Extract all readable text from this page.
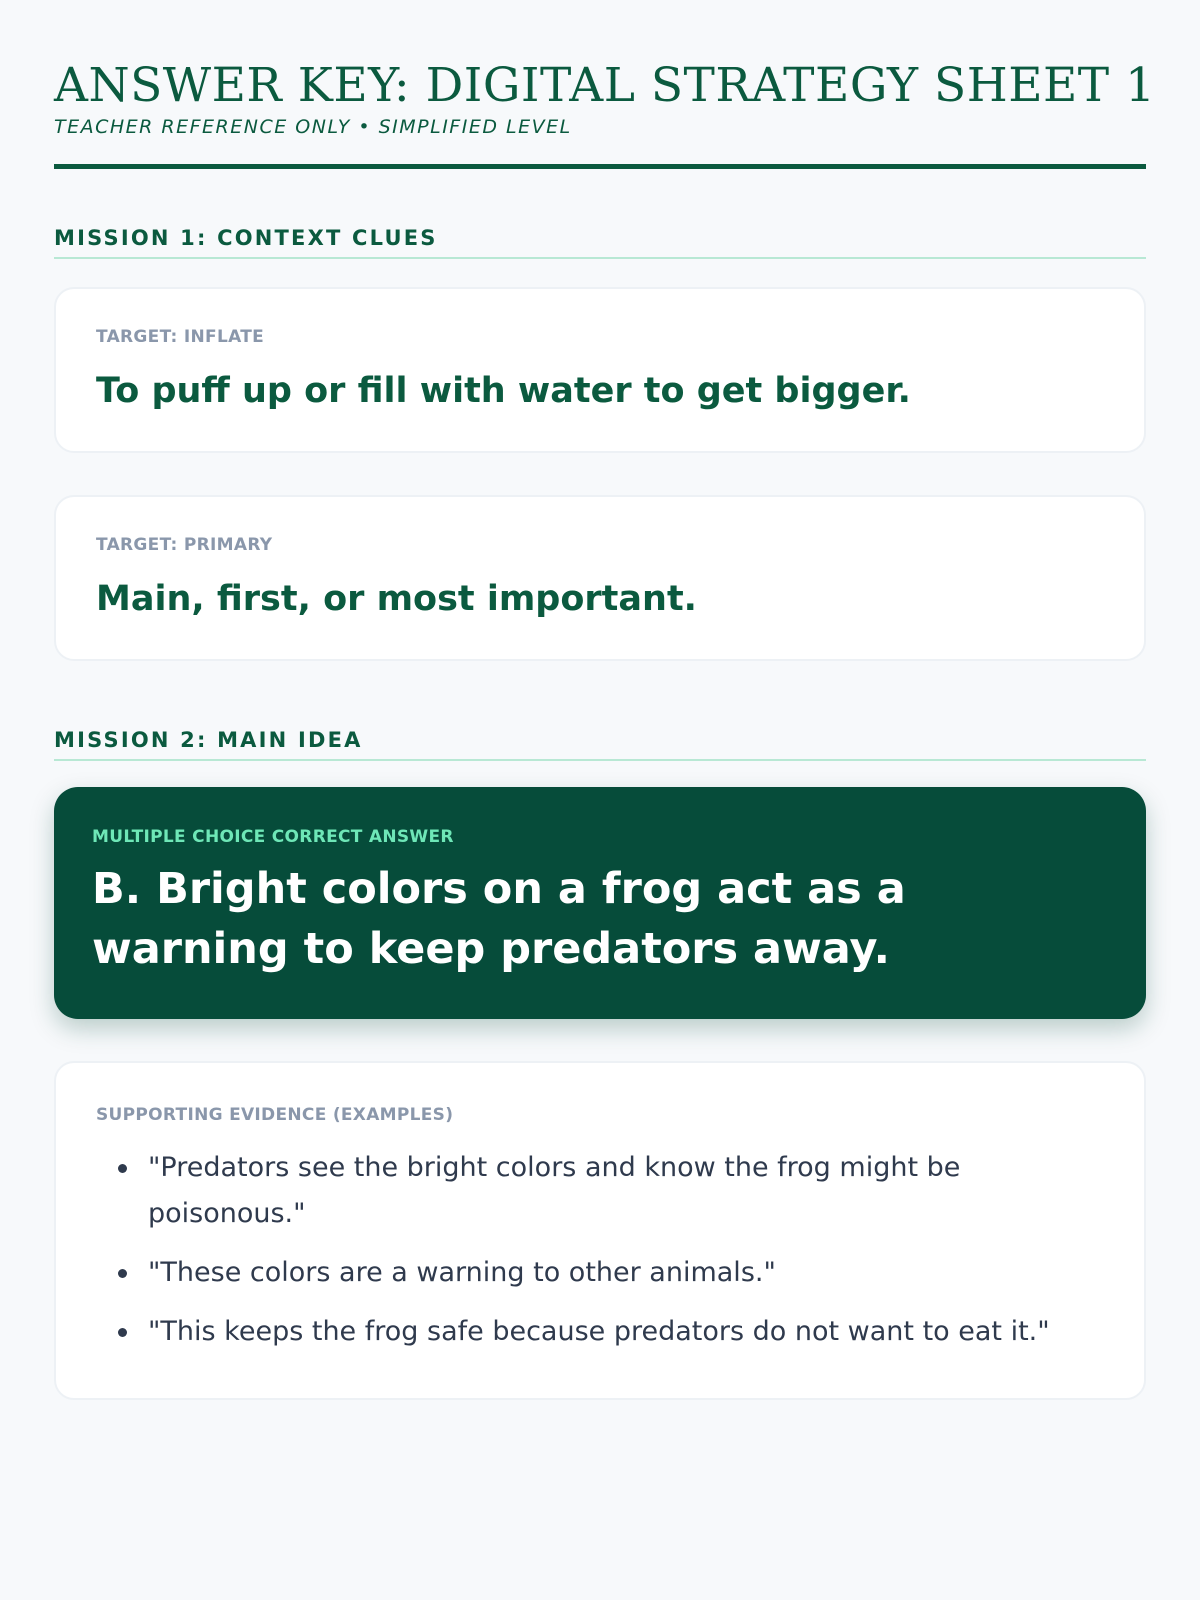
ANSWER KEY: DIGITAL STRATEGY SHEET 1
TEACHER REFERENCE ONLY • SIMPLIFIED LEVEL
MISSION 1: CONTEXT CLUES
TARGET: INFLATE
To puff up or fill with water to get bigger.
TARGET: PRIMARY
Main, first, or most important.
MISSION 2: MAIN IDEA
MULTIPLE CHOICE CORRECT ANSWER
B. Bright colors on a frog act as a warning to keep predators away.
SUPPORTING EVIDENCE (EXAMPLES)
"Predators see the bright colors and know the frog might be poisonous."
"These colors are a warning to other animals."
"This keeps the frog safe because predators do not want to eat it."
